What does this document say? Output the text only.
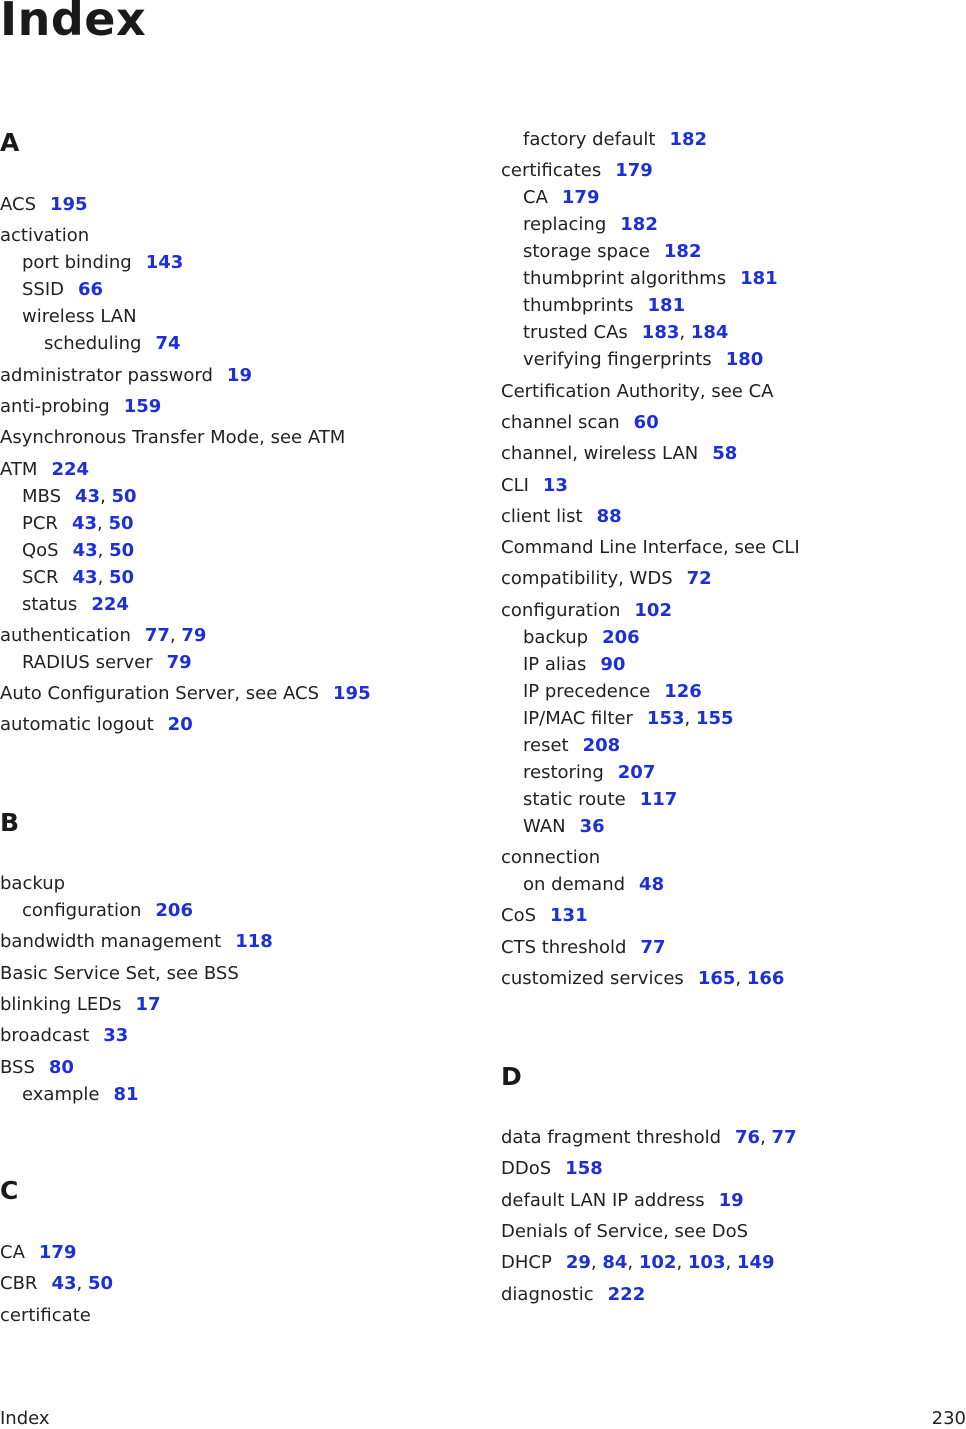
Index
A
ACS 195
activation
port binding 143
SSID 66
wireless LAN
scheduling 74
administrator password 19
anti-probing 159
Asynchronous Transfer Mode, see ATM
ATM 224
MBS 43, 50
PCR 43, 50
QoS 43, 50
SCR 43, 50
status 224
authentication 77, 79
RADIUS server 79
Auto Configuration Server, see ACS 195
automatic logout 20
B
backup
configuration 206
bandwidth management 118
Basic Service Set, see BSS
blinking LEDs 17
broadcast 33
BSS 80
example 81
C
CA 179
CBR 43, 50
certificate
factory default 182
certificates 179
CA 179
replacing 182
storage space 182
thumbprint algorithms 181
thumbprints 181
trusted CAs 183, 184
verifying fingerprints 180
Certification Authority, see CA
channel scan 60
channel, wireless LAN 58
CLI 13
client list 88
Command Line Interface, see CLI
compatibility, WDS 72
configuration 102
backup 206
IP alias 90
IP precedence 126
IP/MAC filter 153, 155
reset 208
restoring 207
static route 117
WAN 36
connection
on demand 48
CoS 131
CTS threshold 77
customized services 165, 166
D
data fragment threshold 76, 77
DDoS 158
default LAN IP address 19
Denials of Service, see DoS
DHCP 29, 84, 102, 103, 149
diagnostic 222
Index	230
